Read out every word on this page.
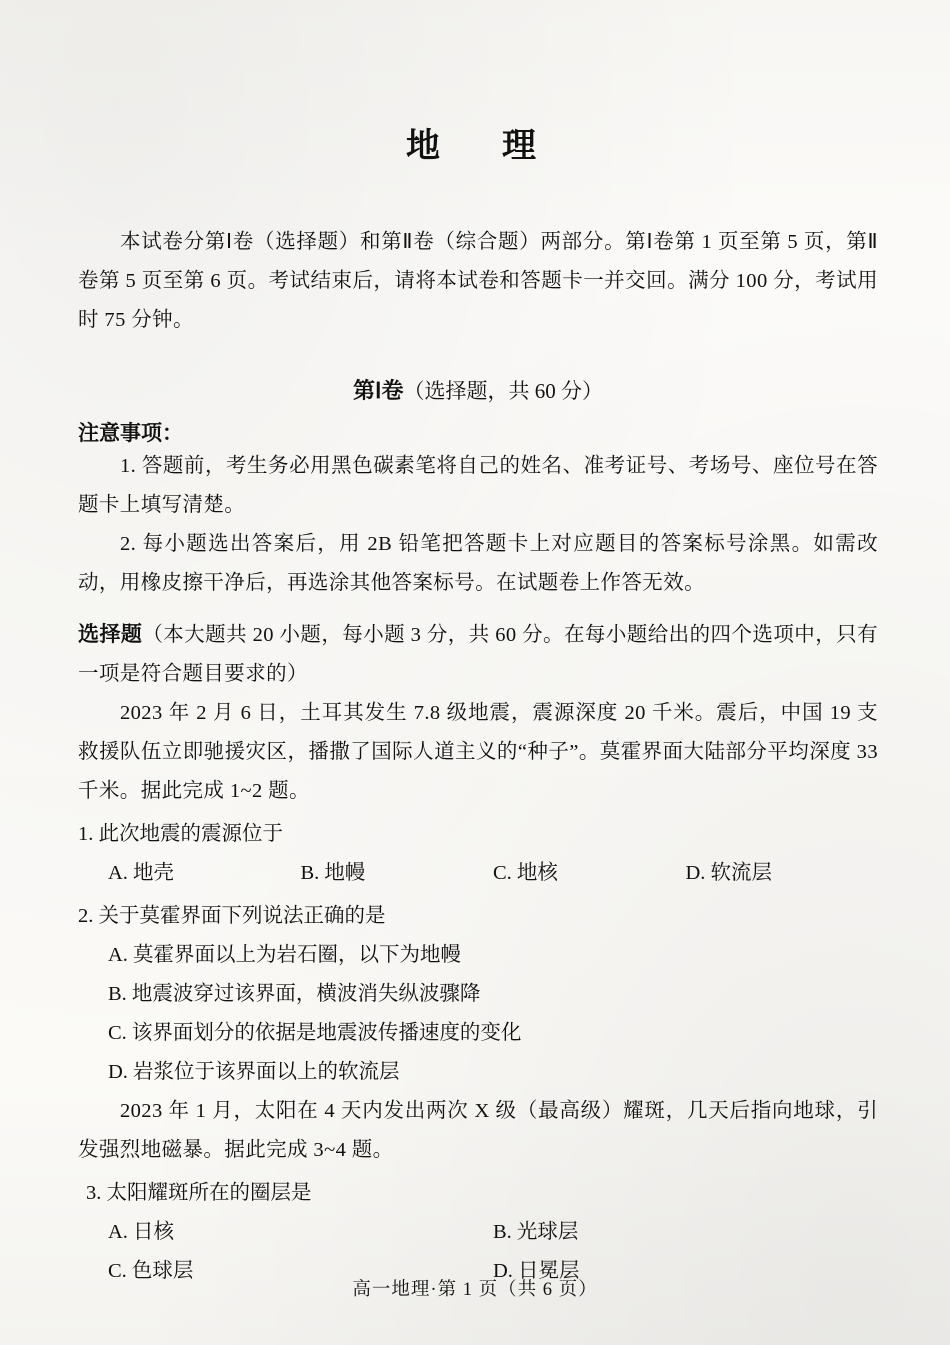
地　理

本试卷分第Ⅰ卷（选择题）和第Ⅱ卷（综合题）两部分。第Ⅰ卷第 1 页至第 5 页，第Ⅱ卷第 5 页至第 6 页。考试结束后，请将本试卷和答题卡一并交回。满分 100 分，考试用时 75 分钟。

第Ⅰ卷（选择题，共 60 分）
注意事项：

1. 答题前，考生务必用黑色碳素笔将自己的姓名、准考证号、考场号、座位号在答题卡上填写清楚。

2. 每小题选出答案后，用 2B 铅笔把答题卡上对应题目的答案标号涂黑。如需改动，用橡皮擦干净后，再选涂其他答案标号。在试题卷上作答无效。

选择题（本大题共 20 小题，每小题 3 分，共 60 分。在每小题给出的四个选项中，只有一项是符合题目要求的）

2023 年 2 月 6 日，土耳其发生 7.8 级地震，震源深度 20 千米。震后，中国 19 支救援队伍立即驰援灾区，播撒了国际人道主义的“种子”。莫霍界面大陆部分平均深度 33 千米。据此完成 1~2 题。

1. 此次地震的震源位于
A. 地壳	B. 地幔	C. 地核	D. 软流层
2. 关于莫霍界面下列说法正确的是
A. 莫霍界面以上为岩石圈，以下为地幔
B. 地震波穿过该界面，横波消失纵波骤降
C. 该界面划分的依据是地震波传播速度的变化
D. 岩浆位于该界面以上的软流层

2023 年 1 月，太阳在 4 天内发出两次 X 级（最高级）耀斑，几天后指向地球，引发强烈地磁暴。据此完成 3~4 题。

3. 太阳耀斑所在的圈层是
A. 日核	B. 光球层
C. 色球层	D. 日冕层
高一地理·第 1 页（共 6 页）
